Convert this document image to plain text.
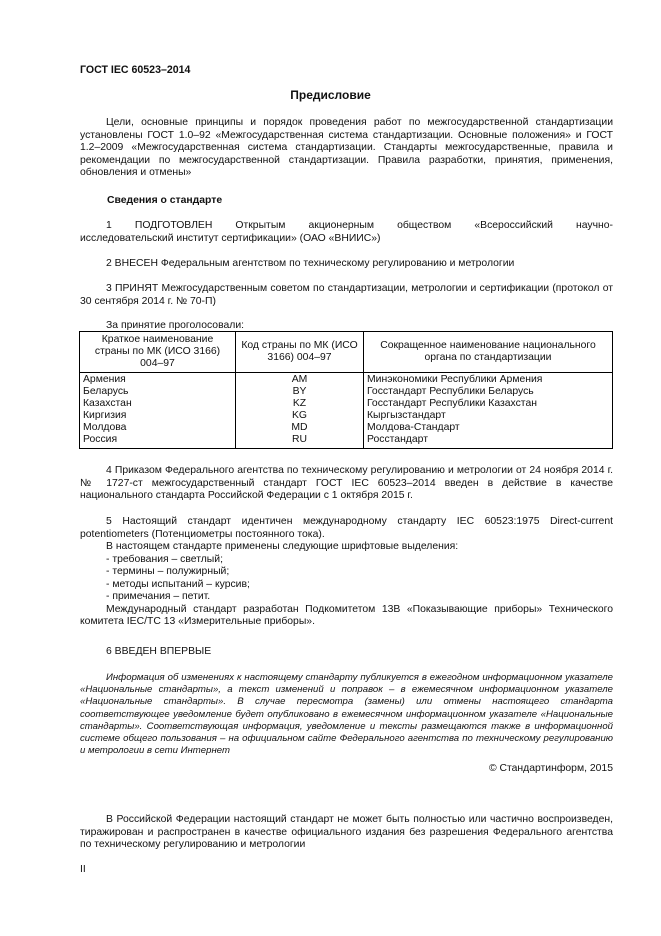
ГОСТ IEC 60523–2014
Предисловие
Цели, основные принципы и порядок проведения работ по межгосударственной стандартизации установлены ГОСТ 1.0–92 «Межгосударственная система стандартизации. Основные положения» и ГОСТ 1.2–2009 «Межгосударственная система стандартизации. Стандарты межгосударственные, правила и рекомендации по межгосударственной стандартизации. Правила разработки, принятия, применения, обновления и отмены»
Сведения о стандарте
1 ПОДГОТОВЛЕН Открытым акционерным обществом «Всероссийский научно-
исследовательский институт сертификации» (ОАО «ВНИИС»)
2 ВНЕСЕН Федеральным агентством по техническому регулированию и метрологии
3 ПРИНЯТ Межгосударственным советом по стандартизации, метрологии и сертификации (протокол от 30 сентября 2014 г. № 70-П)
За принятие проголосовали:
Краткое наименование страны по МК (ИСО 3166) 004–97	Код страны по МК (ИСО 3166) 004–97	Сокращенное наименование национального органа по стандартизации
Армения	AM	Минэкономики Республики Армения
Беларусь	BY	Госстандарт Республики Беларусь
Казахстан	KZ	Госстандарт Республики Казахстан
Киргизия	KG	Кыргызстандарт
Молдова	MD	Молдова-Стандарт
Россия	RU	Росстандарт
4 Приказом Федерального агентства по техническому регулированию и метрологии от 24 ноября 2014 г. № 1727-ст межгосударственный стандарт ГОСТ IEC 60523–2014 введен в действие в качестве национального стандарта Российской Федерации с 1 октября 2015 г.
5 Настоящий стандарт идентичен международному стандарту IEC 60523:1975 Direct-current potentiometers (Потенциометры постоянного тока).
В настоящем стандарте применены следующие шрифтовые выделения:
- требования – светлый;
- термины – полужирный;
- методы испытаний – курсив;
- примечания – петит.
Международный стандарт разработан Подкомитетом 13В «Показывающие приборы» Технического комитета IEC/TC 13 «Измерительные приборы».
6 ВВЕДЕН ВПЕРВЫЕ
Информация об изменениях к настоящему стандарту публикуется в ежегодном информационном указателе «Национальные стандарты», а текст изменений и поправок – в ежемесячном информационном указателе «Национальные стандарты». В случае пересмотра (замены) или отмены настоящего стандарта соответствующее уведомление будет опубликовано в ежемесячном информационном указателе «Национальные стандарты». Соответствующая информация, уведомление и тексты размещаются также в информационной системе общего пользования – на официальном сайте Федерального агентства по техническому регулированию и метрологии в сети Интернет
© Стандартинформ, 2015
В Российской Федерации настоящий стандарт не может быть полностью или частично воспроизведен, тиражирован и распространен в качестве официального издания без разрешения Федерального агентства по техническому регулированию и метрологии
II
